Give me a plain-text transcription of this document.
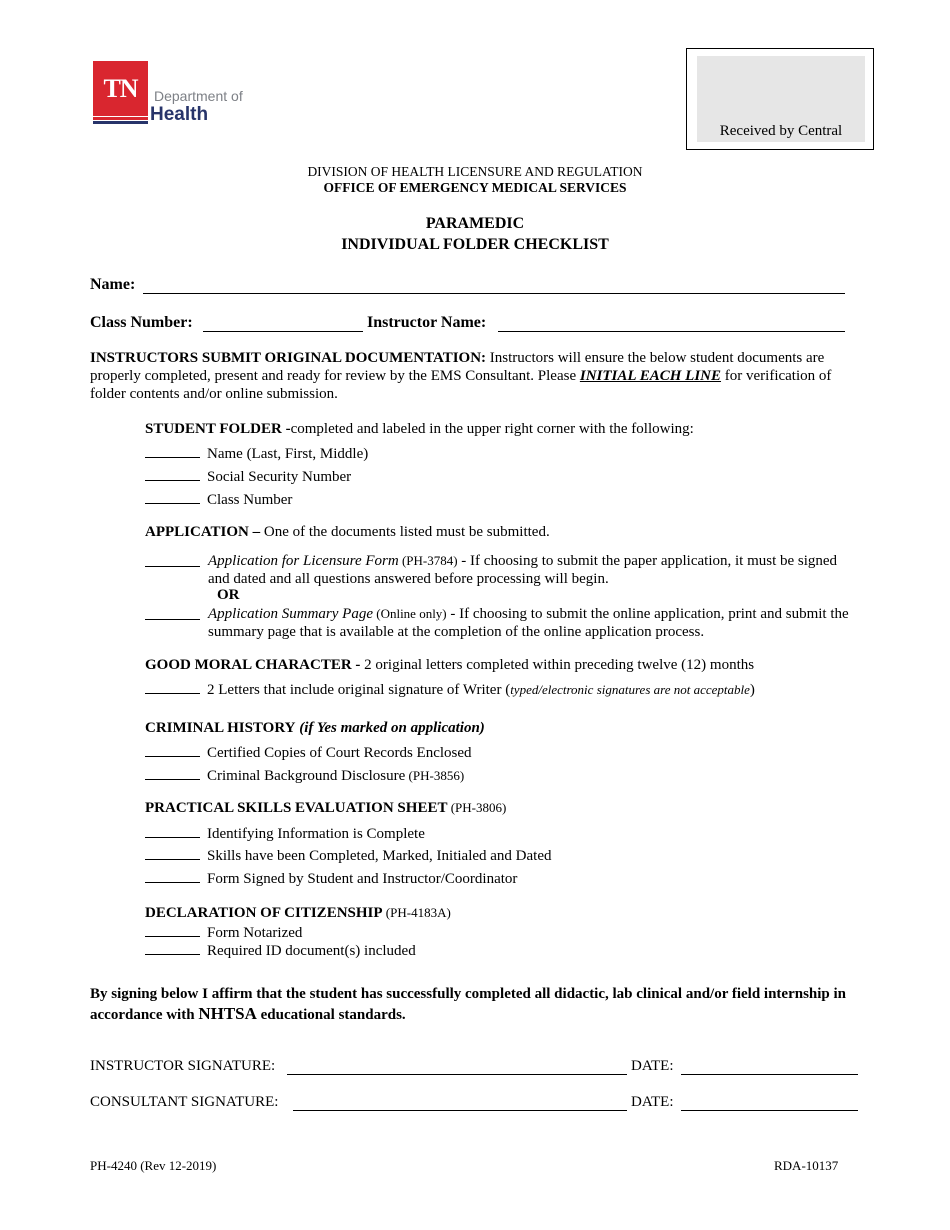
TN	Department of
Health
Received by Central
DIVISION OF HEALTH LICENSURE AND REGULATION
OFFICE OF EMERGENCY MEDICAL SERVICES
PARAMEDIC
INDIVIDUAL FOLDER CHECKLIST
Name:
Class Number:	Instructor Name:
INSTRUCTORS SUBMIT ORIGINAL DOCUMENTATION: Instructors will ensure the below student documents are properly completed, present and ready for review by the EMS Consultant. Please INITIAL EACH LINE for verification of folder contents and/or online submission.
STUDENT FOLDER -completed and labeled in the upper right corner with the following:
Name (Last, First, Middle)
Social Security Number
Class Number
APPLICATION – One of the documents listed must be submitted.
Application for Licensure Form (PH-3784) - If choosing to submit the paper application, it must be signed and dated and all questions answered before processing will begin.
OR
Application Summary Page (Online only) - If choosing to submit the online application, print and submit the summary page that is available at the completion of the online application process.
GOOD MORAL CHARACTER - 2 original letters completed within preceding twelve (12) months
2 Letters that include original signature of Writer (typed/electronic signatures are not acceptable)
CRIMINAL HISTORY (if Yes marked on application)
Certified Copies of Court Records Enclosed
Criminal Background Disclosure (PH-3856)
PRACTICAL SKILLS EVALUATION SHEET (PH-3806)
Identifying Information is Complete
Skills have been Completed, Marked, Initialed and Dated
Form Signed by Student and Instructor/Coordinator
DECLARATION OF CITIZENSHIP (PH-4183A)
Form Notarized
Required ID document(s) included
By signing below I affirm that the student has successfully completed all didactic, lab clinical and/or field internship in accordance with NHTSA educational standards.
INSTRUCTOR SIGNATURE:	DATE:
CONSULTANT SIGNATURE:	DATE:
PH-4240 (Rev 12-2019)	RDA-10137
